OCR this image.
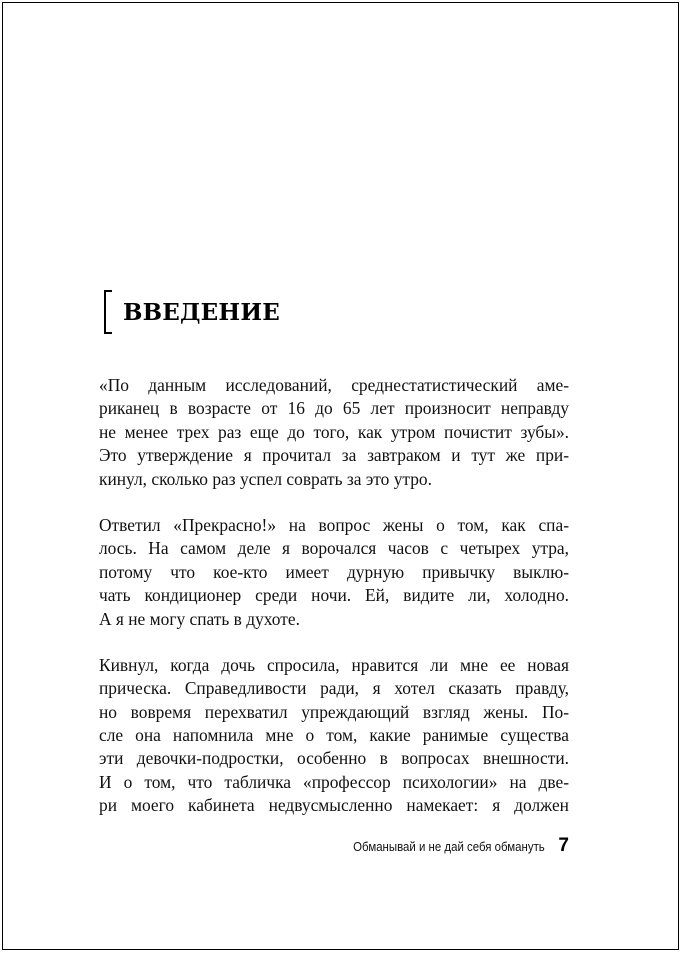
ВВЕДЕНИЕ

«По данным исследований, среднестатистический аме-
риканец в возрасте от 16 до 65 лет произносит неправду
не менее трех раз еще до того, как утром почистит зубы».
Это утверждение я прочитал за завтраком и тут же при-
кинул, сколько раз успел соврать за это утро.

Ответил «Прекрасно!» на вопрос жены о том, как спа-
лось. На самом деле я ворочался часов с четырех утра,
потому что кое-кто имеет дурную привычку выклю-
чать кондиционер среди ночи. Ей, видите ли, холодно.
А я не могу спать в духоте.

Кивнул, когда дочь спросила, нравится ли мне ее новая
прическа. Справедливости ради, я хотел сказать правду,
но вовремя перехватил упреждающий взгляд жены. По-
сле она напомнила мне о том, какие ранимые существа
эти девочки-подростки, особенно в вопросах внешности.
И о том, что табличка «профессор психологии» на две-
ри моего кабинета недвусмысленно намекает: я должен

Обманывай и не дай себя обмануть 7
